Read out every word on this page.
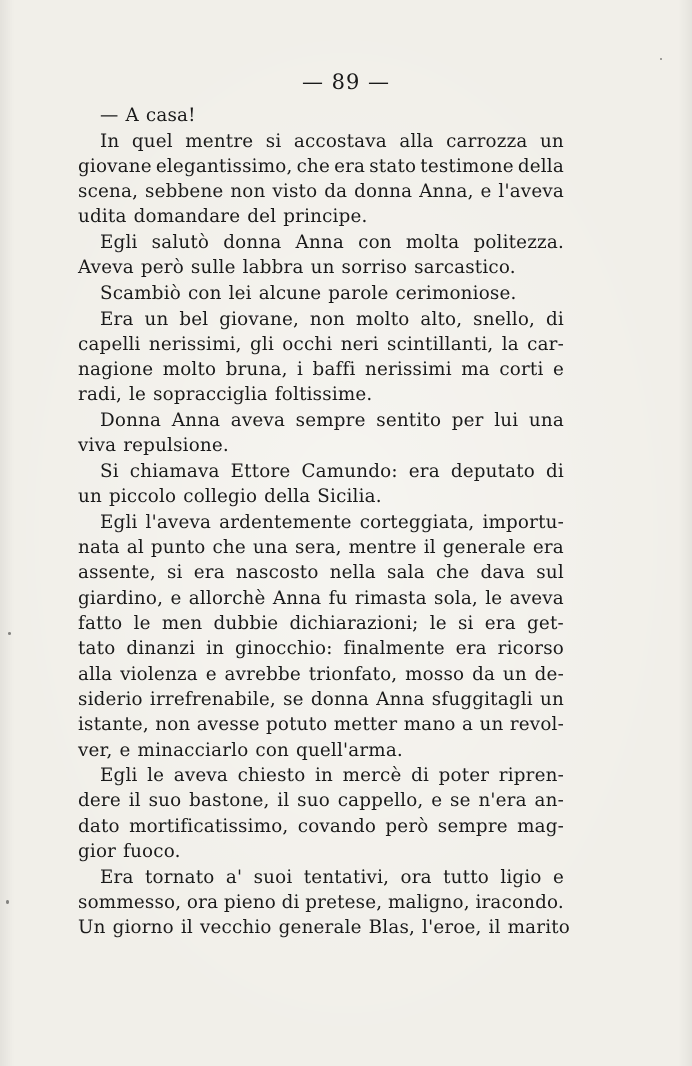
— 89 —

— A casa!

In quel mentre si accostava alla carrozza un
giovane elegantissimo, che era stato testimone della
scena, sebbene non visto da donna Anna, e l'aveva
udita domandare del principe.

Egli salutò donna Anna con molta politezza.
Aveva però sulle labbra un sorriso sarcastico.

Scambiò con lei alcune parole cerimoniose.

Era un bel giovane, non molto alto, snello, di
capelli nerissimi, gli occhi neri scintillanti, la car-
nagione molto bruna, i baffi nerissimi ma corti e
radi, le sopracciglia foltissime.

Donna Anna aveva sempre sentito per lui una
viva repulsione.

Si chiamava Ettore Camundo: era deputato di
un piccolo collegio della Sicilia.

Egli l'aveva ardentemente corteggiata, importu-
nata al punto che una sera, mentre il generale era
assente, si era nascosto nella sala che dava sul
giardino, e allorchè Anna fu rimasta sola, le aveva
fatto le men dubbie dichiarazioni; le si era get-
tato dinanzi in ginocchio: finalmente era ricorso
alla violenza e avrebbe trionfato, mosso da un de-
siderio irrefrenabile, se donna Anna sfuggitagli un
istante, non avesse potuto metter mano a un revol-
ver, e minacciarlo con quell'arma.

Egli le aveva chiesto in mercè di poter ripren-
dere il suo bastone, il suo cappello, e se n'era an-
dato mortificatissimo, covando però sempre mag-
gior fuoco.

Era tornato a' suoi tentativi, ora tutto ligio e
sommesso, ora pieno di pretese, maligno, iracondo.
Un giorno il vecchio generale Blas, l'eroe, il marito
